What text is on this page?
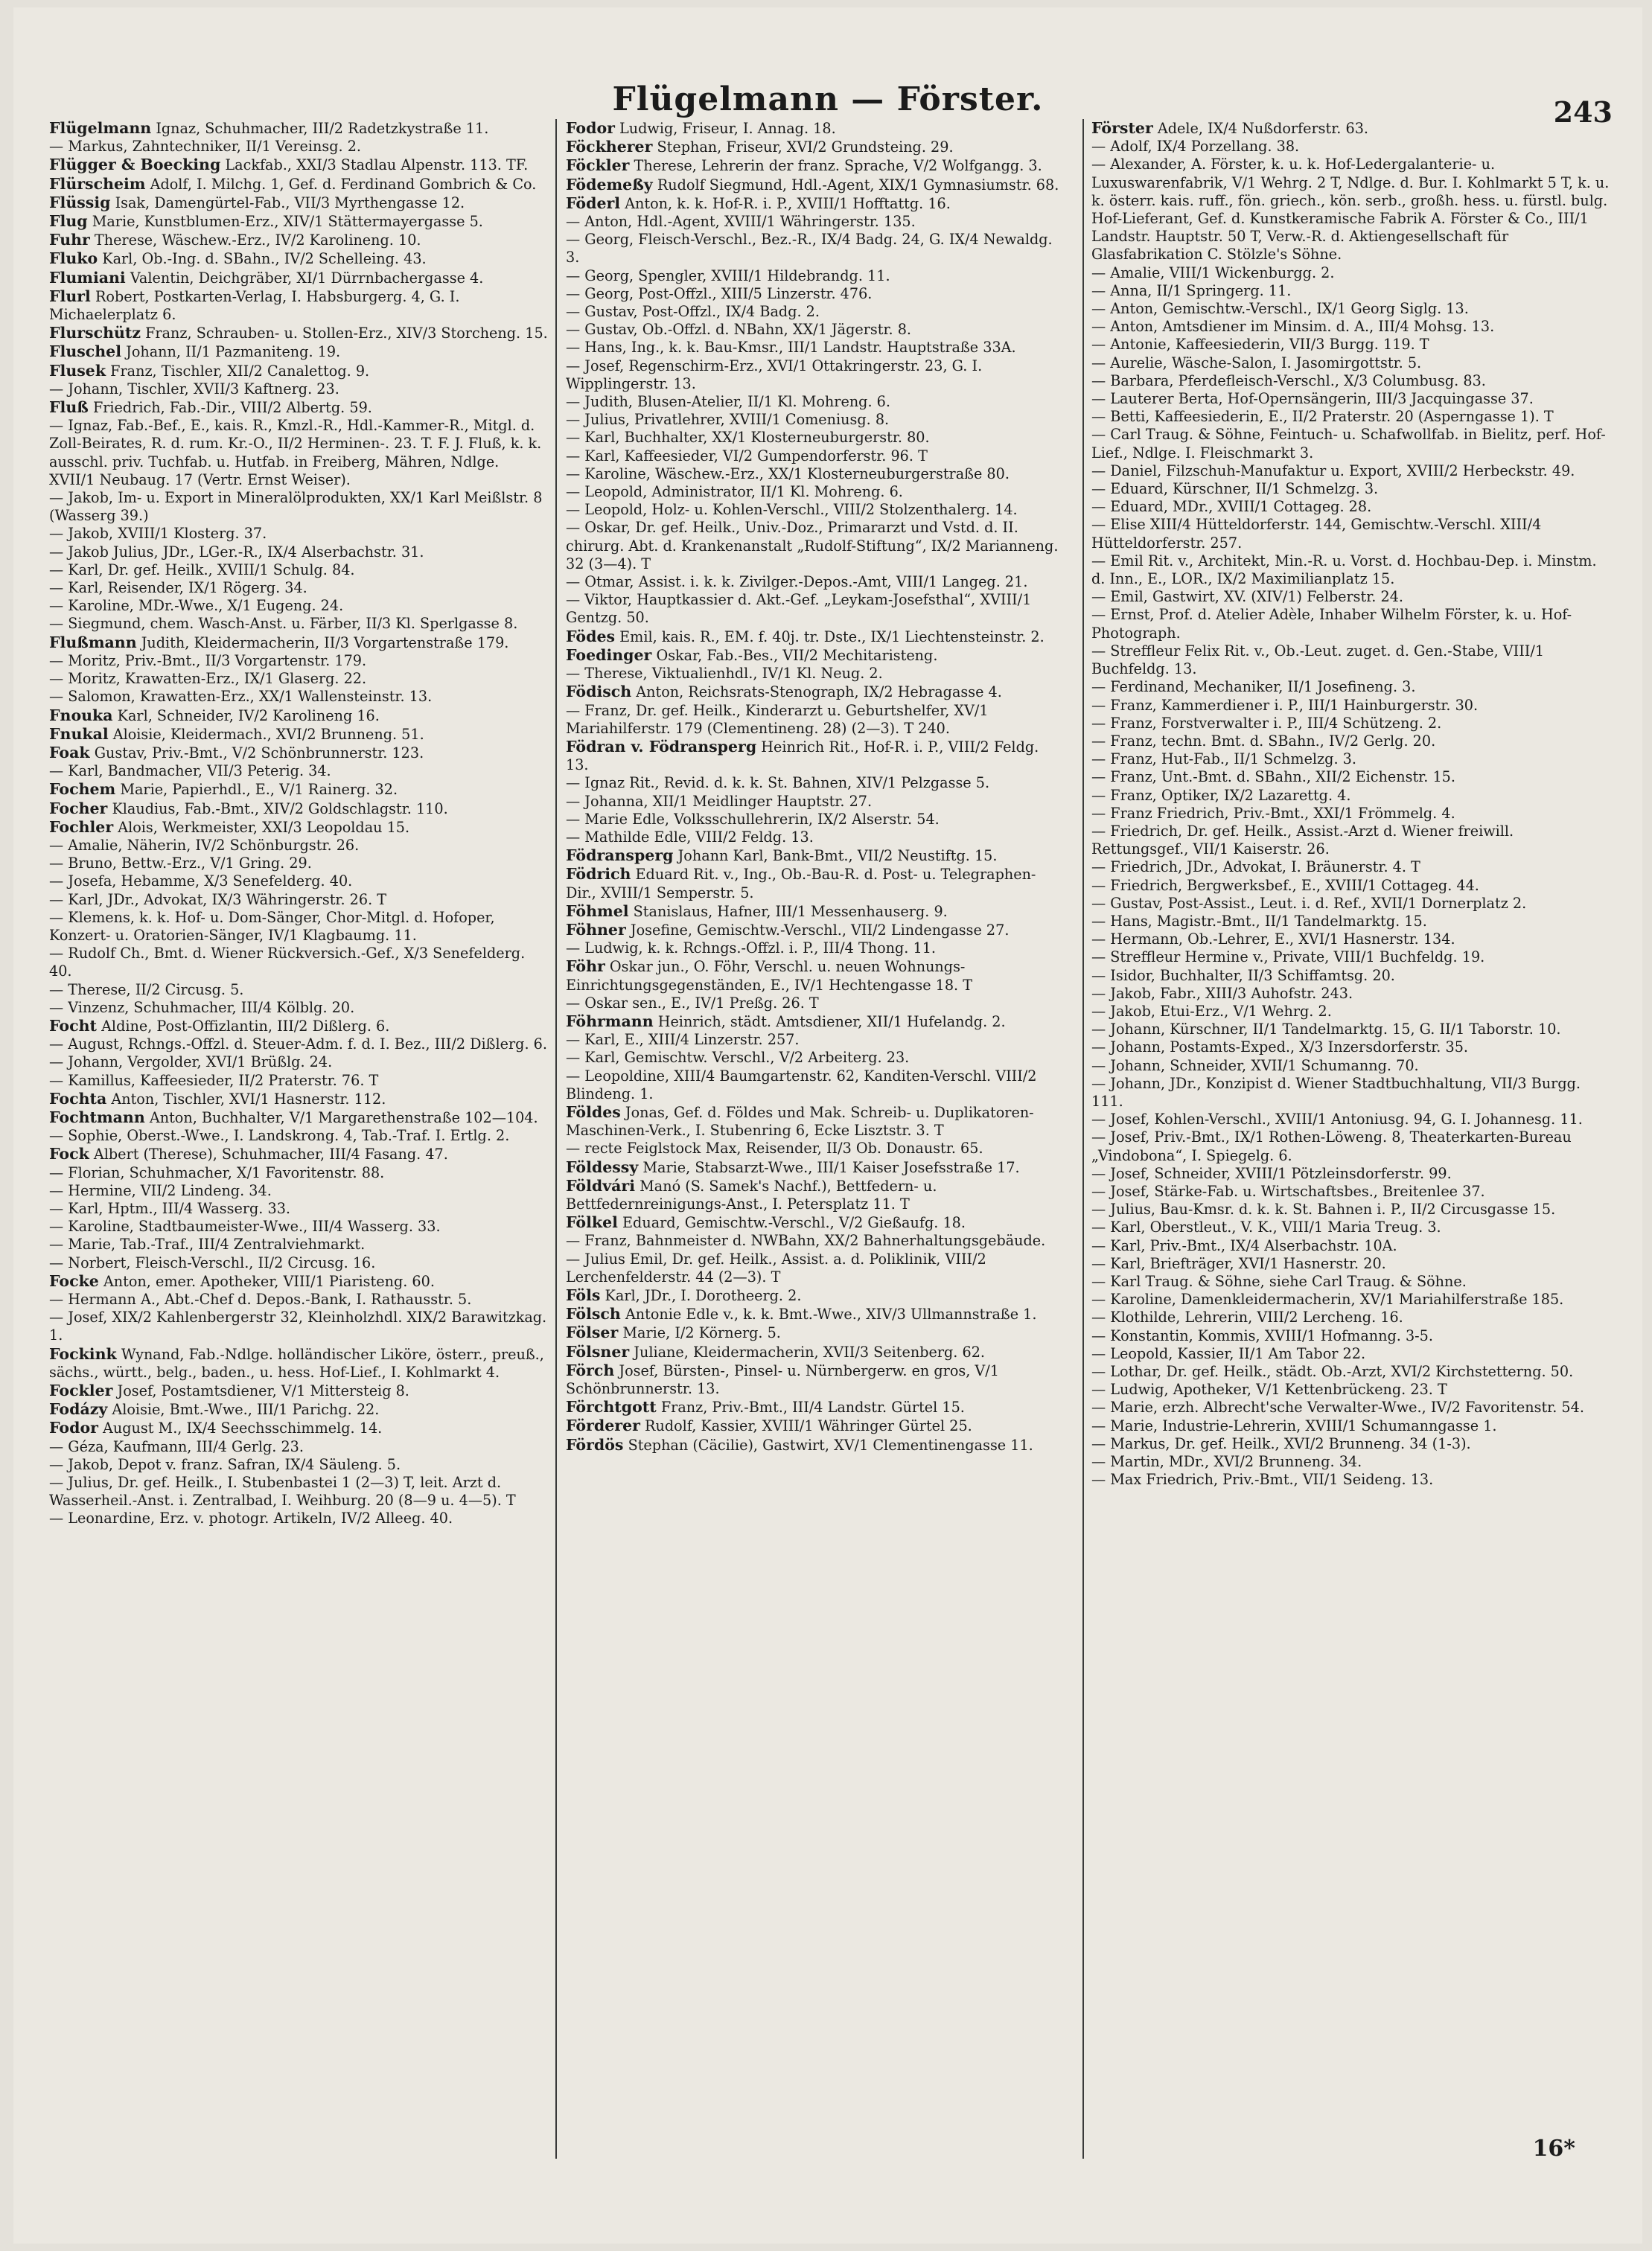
Flügelmann — Förster.	243

Flügelmann Ignaz, Schuhmacher, III/2 Radetzkystraße 11.

— Markus, Zahntechniker, II/1 Vereinsg. 2.

Flügger & Boecking Lackfab., XXI/3 Stadlau Alpenstr. 113. TF.

Flürscheim Adolf, I. Milchg. 1, Gef. d. Ferdinand Gombrich & Co.

Flüssig Isak, Damengürtel-Fab., VII/3 Myrthengasse 12.

Flug Marie, Kunstblumen-Erz., XIV/1 Stättermayergasse 5.

Fuhr Therese, Wäschew.-Erz., IV/2 Karolineng. 10.

Fluko Karl, Ob.-Ing. d. SBahn., IV/2 Schelleing. 43.

Flumiani Valentin, Deichgräber, XI/1 Dürrnbachergasse 4.

Flurl Robert, Postkarten-Verlag, I. Habsburgerg. 4, G. I. Michaelerplatz 6.

Flurschütz Franz, Schrauben- u. Stollen-Erz., XIV/3 Storcheng. 15.

Fluschel Johann, II/1 Pazmaniteng. 19.

Flusek Franz, Tischler, XII/2 Canalettog. 9.

— Johann, Tischler, XVII/3 Kaftnerg. 23.

Fluß Friedrich, Fab.-Dir., VIII/2 Albertg. 59.

— Ignaz, Fab.-Bef., E., kais. R., Kmzl.-R., Hdl.-Kammer-R., Mitgl. d. Zoll-Beirates, R. d. rum. Kr.-O., II/2 Herminen-. 23. T. F. J. Fluß, k. k. ausschl. priv. Tuchfab. u. Hutfab. in Freiberg, Mähren, Ndlge. XVII/1 Neubaug. 17 (Vertr. Ernst Weiser).

— Jakob, Im- u. Export in Mineralölprodukten, XX/1 Karl Meißlstr. 8 (Wasserg 39.)

— Jakob, XVIII/1 Klosterg. 37.

— Jakob Julius, JDr., LGer.-R., IX/4 Alserbachstr. 31.

— Karl, Dr. gef. Heilk., XVIII/1 Schulg. 84.

— Karl, Reisender, IX/1 Rögerg. 34.

— Karoline, MDr.-Wwe., X/1 Eugeng. 24.

— Siegmund, chem. Wasch-Anst. u. Färber, II/3 Kl. Sperlgasse 8.

Flußmann Judith, Kleidermacherin, II/3 Vorgartenstraße 179.

— Moritz, Priv.-Bmt., II/3 Vorgartenstr. 179.

— Moritz, Krawatten-Erz., IX/1 Glaserg. 22.

— Salomon, Krawatten-Erz., XX/1 Wallensteinstr. 13.

Fnouka Karl, Schneider, IV/2 Karolineng 16.

Fnukal Aloisie, Kleidermach., XVI/2 Brunneng. 51.

Foak Gustav, Priv.-Bmt., V/2 Schönbrunnerstr. 123.

— Karl, Bandmacher, VII/3 Peterig. 34.

Fochem Marie, Papierhdl., E., V/1 Rainerg. 32.

Focher Klaudius, Fab.-Bmt., XIV/2 Goldschlagstr. 110.

Fochler Alois, Werkmeister, XXI/3 Leopoldau 15.

— Amalie, Näherin, IV/2 Schönburgstr. 26.

— Bruno, Bettw.-Erz., V/1 Gring. 29.

— Josefa, Hebamme, X/3 Senefelderg. 40.

— Karl, JDr., Advokat, IX/3 Währingerstr. 26. T

— Klemens, k. k. Hof- u. Dom-Sänger, Chor-Mitgl. d. Hofoper, Konzert- u. Oratorien-Sänger, IV/1 Klagbaumg. 11.

— Rudolf Ch., Bmt. d. Wiener Rückversich.-Gef., X/3 Senefelderg. 40.

— Therese, II/2 Circusg. 5.

— Vinzenz, Schuhmacher, III/4 Kölblg. 20.

Focht Aldine, Post-Offizlantin, III/2 Dißlerg. 6.

— August, Rchngs.-Offzl. d. Steuer-Adm. f. d. I. Bez., III/2 Dißlerg. 6.

— Johann, Vergolder, XVI/1 Brüßlg. 24.

— Kamillus, Kaffeesieder, II/2 Praterstr. 76. T

Fochta Anton, Tischler, XVI/1 Hasnerstr. 112.

Fochtmann Anton, Buchhalter, V/1 Margarethenstraße 102—104.

— Sophie, Oberst.-Wwe., I. Landskrong. 4, Tab.-Traf. I. Ertlg. 2.

Fock Albert (Therese), Schuhmacher, III/4 Fasang. 47.

— Florian, Schuhmacher, X/1 Favoritenstr. 88.

— Hermine, VII/2 Lindeng. 34.

— Karl, Hptm., III/4 Wasserg. 33.

— Karoline, Stadtbaumeister-Wwe., III/4 Wasserg. 33.

— Marie, Tab.-Traf., III/4 Zentralviehmarkt.

— Norbert, Fleisch-Verschl., II/2 Circusg. 16.

Focke Anton, emer. Apotheker, VIII/1 Piaristeng. 60.

— Hermann A., Abt.-Chef d. Depos.-Bank, I. Rathausstr. 5.

— Josef, XIX/2 Kahlenbergerstr 32, Kleinholzhdl. XIX/2 Barawitzkag. 1.

Fockink Wynand, Fab.-Ndlge. holländischer Liköre, österr., preuß., sächs., württ., belg., baden., u. hess. Hof-Lief., I. Kohlmarkt 4.

Fockler Josef, Postamtsdiener, V/1 Mittersteig 8.

Fodázy Aloisie, Bmt.-Wwe., III/1 Parichg. 22.

Fodor August M., IX/4 Seechsschimmelg. 14.

— Géza, Kaufmann, III/4 Gerlg. 23.

— Jakob, Depot v. franz. Safran, IX/4 Säuleng. 5.

— Julius, Dr. gef. Heilk., I. Stubenbastei 1 (2—3) T, leit. Arzt d. Wasserheil.-Anst. i. Zentralbad, I. Weihburg. 20 (8—9 u. 4—5). T

— Leonardine, Erz. v. photogr. Artikeln, IV/2 Alleeg. 40.

Fodor Ludwig, Friseur, I. Annag. 18.

Föckherer Stephan, Friseur, XVI/2 Grundsteing. 29.

Föckler Therese, Lehrerin der franz. Sprache, V/2 Wolfgangg. 3.

Födemeßy Rudolf Siegmund, Hdl.-Agent, XIX/1 Gymnasiumstr. 68.

Föderl Anton, k. k. Hof-R. i. P., XVIII/1 Hofftattg. 16.

— Anton, Hdl.-Agent, XVIII/1 Währingerstr. 135.

— Georg, Fleisch-Verschl., Bez.-R., IX/4 Badg. 24, G. IX/4 Newaldg. 3.

— Georg, Spengler, XVIII/1 Hildebrandg. 11.

— Georg, Post-Offzl., XIII/5 Linzerstr. 476.

— Gustav, Post-Offzl., IX/4 Badg. 2.

— Gustav, Ob.-Offzl. d. NBahn, XX/1 Jägerstr. 8.

— Hans, Ing., k. k. Bau-Kmsr., III/1 Landstr. Hauptstraße 33A.

— Josef, Regenschirm-Erz., XVI/1 Ottakringerstr. 23, G. I. Wipplingerstr. 13.

— Judith, Blusen-Atelier, II/1 Kl. Mohreng. 6.

— Julius, Privatlehrer, XVIII/1 Comeniusg. 8.

— Karl, Buchhalter, XX/1 Klosterneuburgerstr. 80.

— Karl, Kaffeesieder, VI/2 Gumpendorferstr. 96. T

— Karoline, Wäschew.-Erz., XX/1 Klosterneuburgerstraße 80.

— Leopold, Administrator, II/1 Kl. Mohreng. 6.

— Leopold, Holz- u. Kohlen-Verschl., VIII/2 Stolzenthalerg. 14.

— Oskar, Dr. gef. Heilk., Univ.-Doz., Primararzt und Vstd. d. II. chirurg. Abt. d. Krankenanstalt „Rudolf-Stiftung“, IX/2 Marianneng. 32 (3—4). T

— Otmar, Assist. i. k. k. Zivilger.-Depos.-Amt, VIII/1 Langeg. 21.

— Viktor, Hauptkassier d. Akt.-Gef. „Leykam-Josefsthal“, XVIII/1 Gentzg. 50.

Födes Emil, kais. R., EM. f. 40j. tr. Dste., IX/1 Liechtensteinstr. 2.

Foedinger Oskar, Fab.-Bes., VII/2 Mechitaristeng.

— Therese, Viktualienhdl., IV/1 Kl. Neug. 2.

Födisch Anton, Reichsrats-Stenograph, IX/2 Hebragasse 4.

— Franz, Dr. gef. Heilk., Kinderarzt u. Geburtshelfer, XV/1 Mariahilferstr. 179 (Clementineng. 28) (2—3). T 240.

Födran v. Födransperg Heinrich Rit., Hof-R. i. P., VIII/2 Feldg. 13.

— Ignaz Rit., Revid. d. k. k. St. Bahnen, XIV/1 Pelzgasse 5.

— Johanna, XII/1 Meidlinger Hauptstr. 27.

— Marie Edle, Volksschullehrerin, IX/2 Alserstr. 54.

— Mathilde Edle, VIII/2 Feldg. 13.

Födransperg Johann Karl, Bank-Bmt., VII/2 Neustiftg. 15.

Födrich Eduard Rit. v., Ing., Ob.-Bau-R. d. Post- u. Telegraphen-Dir., XVIII/1 Semperstr. 5.

Föhmel Stanislaus, Hafner, III/1 Messenhauserg. 9.

Föhner Josefine, Gemischtw.-Verschl., VII/2 Lindengasse 27.

— Ludwig, k. k. Rchngs.-Offzl. i. P., III/4 Thong. 11.

Föhr Oskar jun., O. Föhr, Verschl. u. neuen Wohnungs-Einrichtungsgegenständen, E., IV/1 Hechtengasse 18. T

— Oskar sen., E., IV/1 Preßg. 26. T

Föhrmann Heinrich, städt. Amtsdiener, XII/1 Hufelandg. 2.

— Karl, E., XIII/4 Linzerstr. 257.

— Karl, Gemischtw. Verschl., V/2 Arbeiterg. 23.

— Leopoldine, XIII/4 Baumgartenstr. 62, Kanditen-Verschl. VIII/2 Blindeng. 1.

Földes Jonas, Gef. d. Földes und Mak. Schreib- u. Duplikatoren-Maschinen-Verk., I. Stubenring 6, Ecke Lisztstr. 3. T

— recte Feiglstock Max, Reisender, II/3 Ob. Donaustr. 65.

Földessy Marie, Stabsarzt-Wwe., III/1 Kaiser Josefsstraße 17.

Földvári Manó (S. Samek's Nachf.), Bettfedern- u. Bettfedernreinigungs-Anst., I. Petersplatz 11. T

Fölkel Eduard, Gemischtw.-Verschl., V/2 Gießaufg. 18.

— Franz, Bahnmeister d. NWBahn, XX/2 Bahnerhaltungsgebäude.

— Julius Emil, Dr. gef. Heilk., Assist. a. d. Poliklinik, VIII/2 Lerchenfelderstr. 44 (2—3). T

Föls Karl, JDr., I. Dorotheerg. 2.

Fölsch Antonie Edle v., k. k. Bmt.-Wwe., XIV/3 Ullmannstraße 1.

Fölser Marie, I/2 Körnerg. 5.

Fölsner Juliane, Kleidermacherin, XVII/3 Seitenberg. 62.

Förch Josef, Bürsten-, Pinsel- u. Nürnbergerw. en gros, V/1 Schönbrunnerstr. 13.

Förchtgott Franz, Priv.-Bmt., III/4 Landstr. Gürtel 15.

Förderer Rudolf, Kassier, XVIII/1 Währinger Gürtel 25.

Fördös Stephan (Cäcilie), Gastwirt, XV/1 Clementinengasse 11.

Förster Adele, IX/4 Nußdorferstr. 63.

— Adolf, IX/4 Porzellang. 38.

— Alexander, A. Förster, k. u. k. Hof-Ledergalanterie- u. Luxuswarenfabrik, V/1 Wehrg. 2 T, Ndlge. d. Bur. I. Kohlmarkt 5 T, k. u. k. österr. kais. ruff., fön. griech., kön. serb., großh. hess. u. fürstl. bulg. Hof-Lieferant, Gef. d. Kunstkeramische Fabrik A. Förster & Co., III/1 Landstr. Hauptstr. 50 T, Verw.-R. d. Aktiengesellschaft für Glasfabrikation C. Stölzle's Söhne.

— Amalie, VIII/1 Wickenburgg. 2.

— Anna, II/1 Springerg. 11.

— Anton, Gemischtw.-Verschl., IX/1 Georg Siglg. 13.

— Anton, Amtsdiener im Minsim. d. A., III/4 Mohsg. 13.

— Antonie, Kaffeesiederin, VII/3 Burgg. 119. T

— Aurelie, Wäsche-Salon, I. Jasomirgottstr. 5.

— Barbara, Pferdefleisch-Verschl., X/3 Columbusg. 83.

— Lauterer Berta, Hof-Opernsängerin, III/3 Jacquingasse 37.

— Betti, Kaffeesiederin, E., II/2 Praterstr. 20 (Asperngasse 1). T

— Carl Traug. & Söhne, Feintuch- u. Schafwollfab. in Bielitz, perf. Hof-Lief., Ndlge. I. Fleischmarkt 3.

— Daniel, Filzschuh-Manufaktur u. Export, XVIII/2 Herbeckstr. 49.

— Eduard, Kürschner, II/1 Schmelzg. 3.

— Eduard, MDr., XVIII/1 Cottageg. 28.

— Elise XIII/4 Hütteldorferstr. 144, Gemischtw.-Verschl. XIII/4 Hütteldorferstr. 257.

— Emil Rit. v., Architekt, Min.-R. u. Vorst. d. Hochbau-Dep. i. Minstm. d. Inn., E., LOR., IX/2 Maximilianplatz 15.

— Emil, Gastwirt, XV. (XIV/1) Felberstr. 24.

— Ernst, Prof. d. Atelier Adèle, Inhaber Wilhelm Förster, k. u. Hof-Photograph.

— Streffleur Felix Rit. v., Ob.-Leut. zuget. d. Gen.-Stabe, VIII/1 Buchfeldg. 13.

— Ferdinand, Mechaniker, II/1 Josefineng. 3.

— Franz, Kammerdiener i. P., III/1 Hainburgerstr. 30.

— Franz, Forstverwalter i. P., III/4 Schützeng. 2.

— Franz, techn. Bmt. d. SBahn., IV/2 Gerlg. 20.

— Franz, Hut-Fab., II/1 Schmelzg. 3.

— Franz, Unt.-Bmt. d. SBahn., XII/2 Eichenstr. 15.

— Franz, Optiker, IX/2 Lazarettg. 4.

— Franz Friedrich, Priv.-Bmt., XXI/1 Frömmelg. 4.

— Friedrich, Dr. gef. Heilk., Assist.-Arzt d. Wiener freiwill. Rettungsgef., VII/1 Kaiserstr. 26.

— Friedrich, JDr., Advokat, I. Bräunerstr. 4. T

— Friedrich, Bergwerksbef., E., XVIII/1 Cottageg. 44.

— Gustav, Post-Assist., Leut. i. d. Ref., XVII/1 Dornerplatz 2.

— Hans, Magistr.-Bmt., II/1 Tandelmarktg. 15.

— Hermann, Ob.-Lehrer, E., XVI/1 Hasnerstr. 134.

— Streffleur Hermine v., Private, VIII/1 Buchfeldg. 19.

— Isidor, Buchhalter, II/3 Schiffamtsg. 20.

— Jakob, Fabr., XIII/3 Auhofstr. 243.

— Jakob, Etui-Erz., V/1 Wehrg. 2.

— Johann, Kürschner, II/1 Tandelmarktg. 15, G. II/1 Taborstr. 10.

— Johann, Postamts-Exped., X/3 Inzersdorferstr. 35.

— Johann, Schneider, XVII/1 Schumanng. 70.

— Johann, JDr., Konzipist d. Wiener Stadtbuchhaltung, VII/3 Burgg. 111.

— Josef, Kohlen-Verschl., XVIII/1 Antoniusg. 94, G. I. Johannesg. 11.

— Josef, Priv.-Bmt., IX/1 Rothen-Löweng. 8, Theaterkarten-Bureau „Vindobona“, I. Spiegelg. 6.

— Josef, Schneider, XVIII/1 Pötzleinsdorferstr. 99.

— Josef, Stärke-Fab. u. Wirtschaftsbes., Breitenlee 37.

— Julius, Bau-Kmsr. d. k. k. St. Bahnen i. P., II/2 Circusgasse 15.

— Karl, Oberstleut., V. K., VIII/1 Maria Treug. 3.

— Karl, Priv.-Bmt., IX/4 Alserbachstr. 10A.

— Karl, Briefträger, XVI/1 Hasnerstr. 20.

— Karl Traug. & Söhne, siehe Carl Traug. & Söhne.

— Karoline, Damenkleidermacherin, XV/1 Mariahilferstraße 185.

— Klothilde, Lehrerin, VIII/2 Lercheng. 16.

— Konstantin, Kommis, XVIII/1 Hofmanng. 3-5.

— Leopold, Kassier, II/1 Am Tabor 22.

— Lothar, Dr. gef. Heilk., städt. Ob.-Arzt, XVI/2 Kirchstetterng. 50.

— Ludwig, Apotheker, V/1 Kettenbrückeng. 23. T

— Marie, erzh. Albrecht'sche Verwalter-Wwe., IV/2 Favoritenstr. 54.

— Marie, Industrie-Lehrerin, XVIII/1 Schumanngasse 1.

— Markus, Dr. gef. Heilk., XVI/2 Brunneng. 34 (1-3).

— Martin, MDr., XVI/2 Brunneng. 34.

— Max Friedrich, Priv.-Bmt., VII/1 Seideng. 13.

16*
